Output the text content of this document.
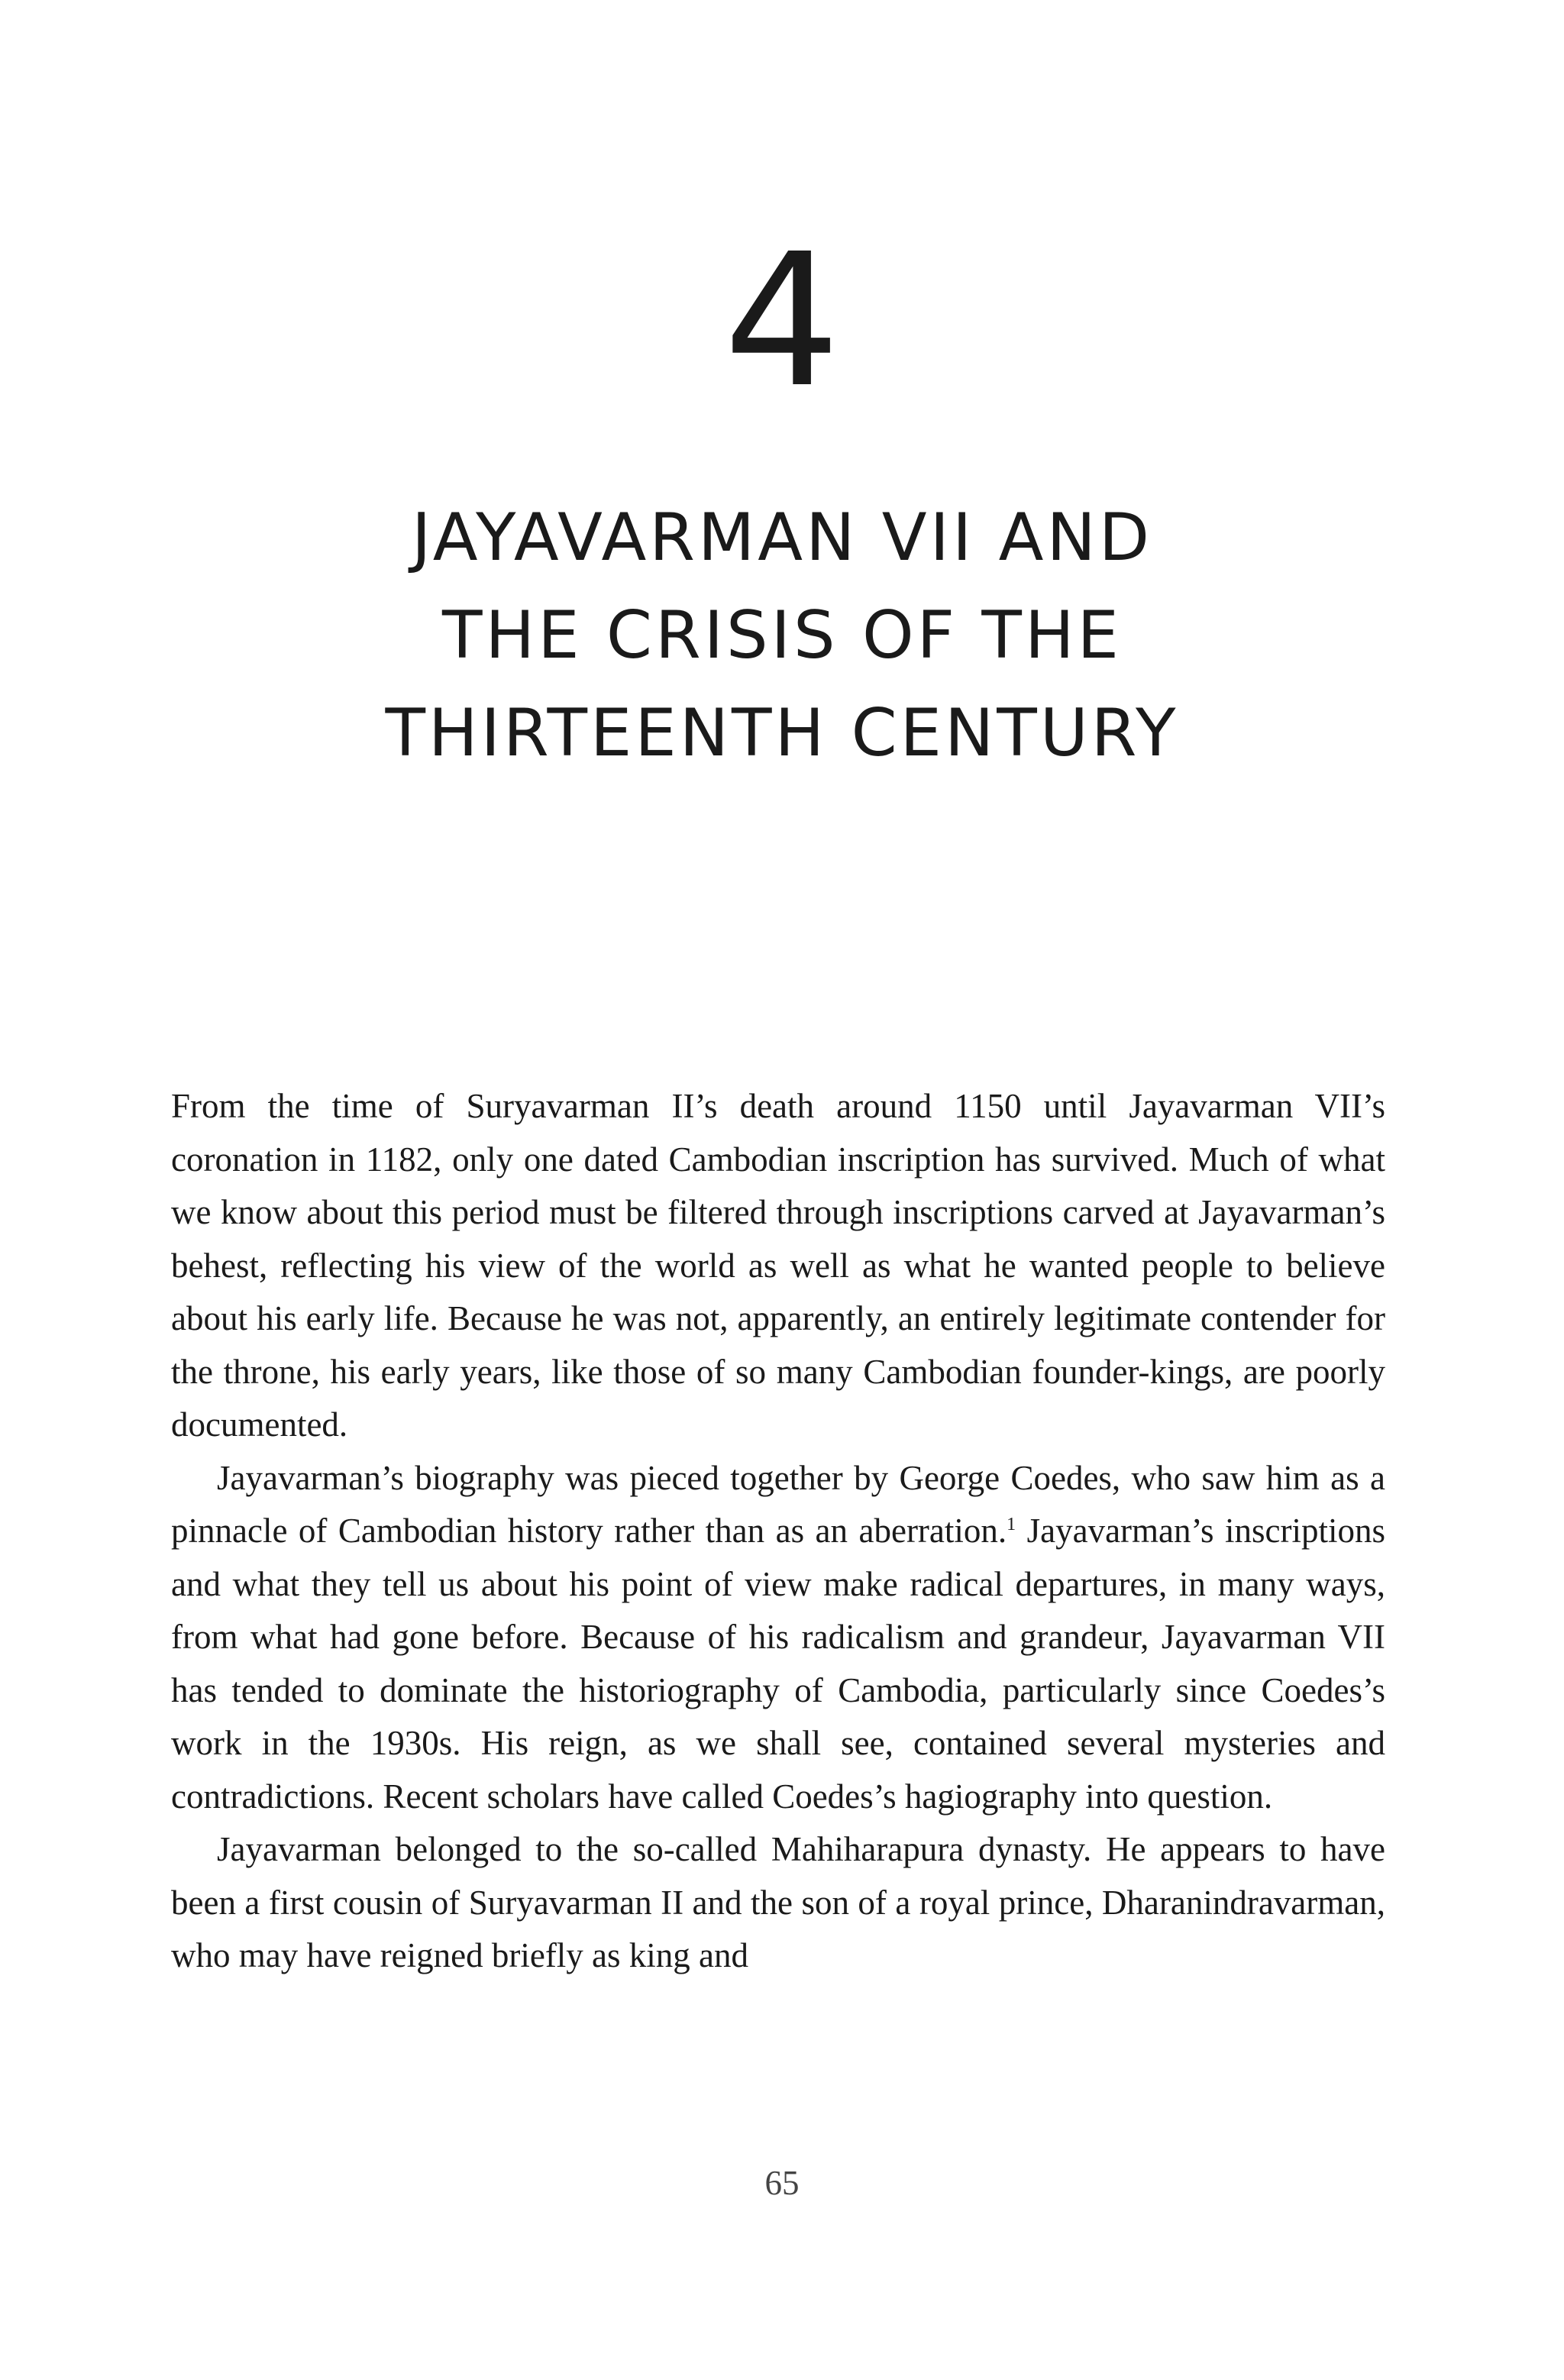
4
JAYAVARMAN VII AND
THE CRISIS OF THE
THIRTEENTH CENTURY

From the time of Suryavarman II’s death around 1150 until Jayavarman VII’s coronation in 1182, only one dated Cambodian inscription has survived. Much of what we know about this period must be filtered through inscriptions carved at Jayavarman’s behest, reflecting his view of the world as well as what he wanted people to believe about his early life. Because he was not, apparently, an entirely legitimate contender for the throne, his early years, like those of so many Cambodian founder-kings, are poorly documented.

Jayavarman’s biography was pieced together by George Coedes, who saw him as a pinnacle of Cambodian history rather than as an aberration.$^1$ Jayavarman’s inscriptions and what they tell us about his point of view make radical departures, in many ways, from what had gone before. Because of his radicalism and grandeur, Jayavarman VII has tended to dominate the historiography of Cambodia, particularly since Coedes’s work in the 1930s. His reign, as we shall see, contained several mysteries and contradictions. Recent scholars have called Coedes’s hagiography into question.

Jayavarman belonged to the so-called Mahiharapura dynasty. He appears to have been a first cousin of Suryavarman II and the son of a royal prince, Dharanindravarman, who may have reigned briefly as king and

65
